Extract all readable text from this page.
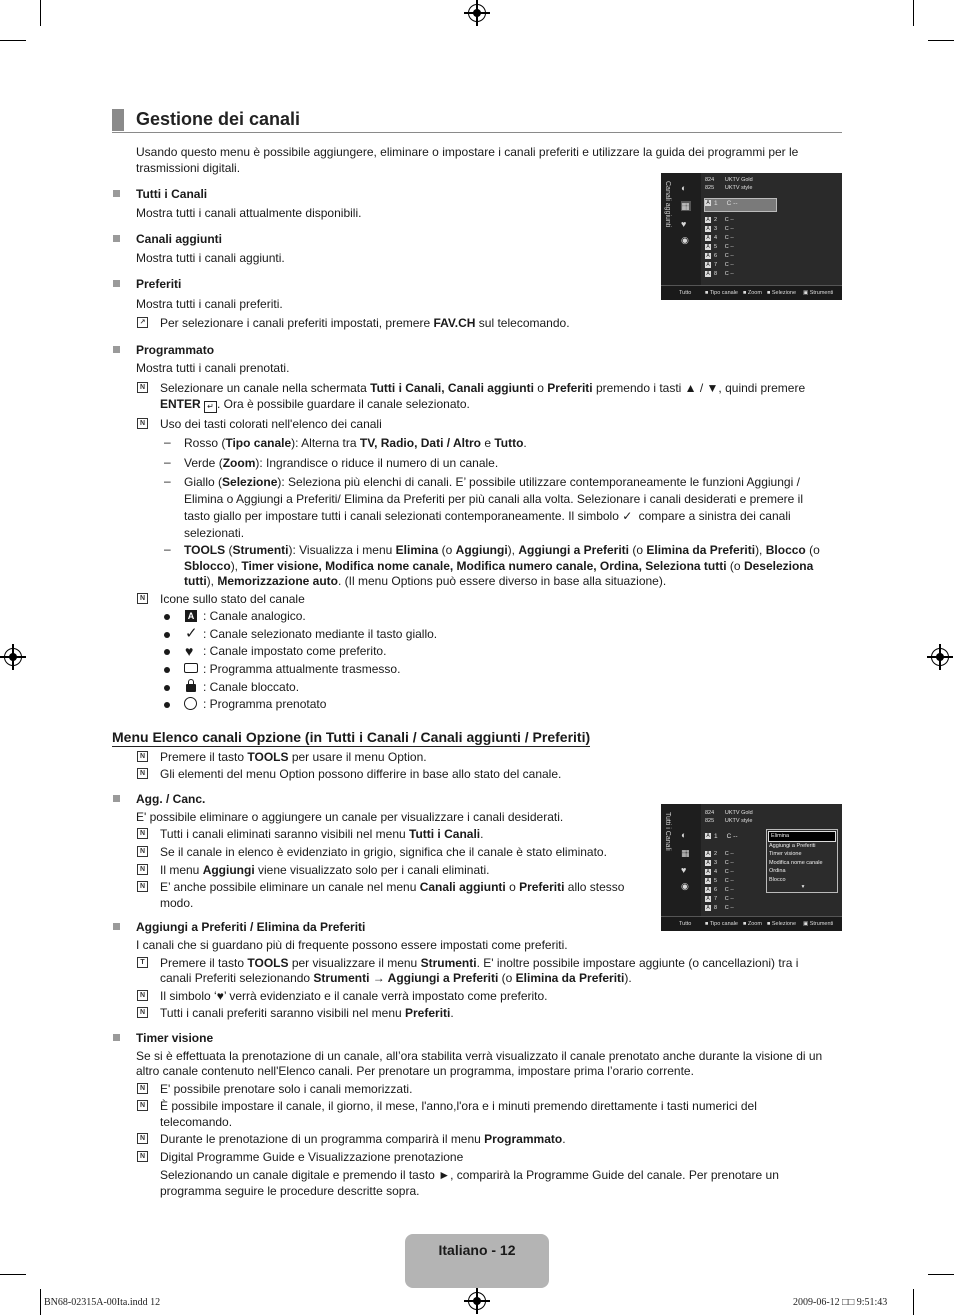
Gestione dei canali
Usando questo menu è possibile aggiungere, eliminare o impostare i canali preferiti e utilizzare la guida dei programmi per le trasmissioni digitali.
Tutti i Canali
Mostra tutti i canali attualmente disponibili.
Canali aggiunti
Mostra tutti i canali aggiunti.
Preferiti
Mostra tutti i canali preferiti.
↗ Per selezionare i canali preferiti impostati, premere FAV.CH sul telecomando.
Programmato
Mostra tutti i canali prenotati.
N Selezionare un canale nella schermata Tutti i Canali, Canali aggiunti o Preferiti premendo i tasti ▲ / ▼, quindi premere
ENTER ↵ . Ora è possibile guardare il canale selezionato.
N Uso dei tasti colorati nell'elenco dei canali
– Rosso (Tipo canale): Alterna tra TV, Radio, Dati / Altro e Tutto.
– Verde (Zoom): Ingrandisce o riduce il numero di un canale.
– Giallo (Selezione): Seleziona più elenchi di canali. E’ possibile utilizzare contemporaneamente le funzioni Aggiungi /
Elimina o Aggiungi a Preferiti/ Elimina da Preferiti per più canali alla volta. Selezionare i canali desiderati e premere il
tasto giallo per impostare tutti i canali selezionati contemporaneamente. Il simbolo ✓ compare a sinistra dei canali
selezionati.
– TOOLS (Strumenti): Visualizza i menu Elimina (o Aggiungi), Aggiungi a Preferiti (o Elimina da Preferiti), Blocco (o
Sblocco), Timer visione, Modifica nome canale, Modifica numero canale, Ordina, Seleziona tutti (o Deseleziona
tutti), Memorizzazione auto. (Il menu Options può essere diverso in base alla situazione).
N Icone sullo stato del canale
A : Canale analogico.
✓ : Canale selezionato mediante il tasto giallo.
♥ : Canale impostato come preferito.
: Programma attualmente trasmesso.
: Canale bloccato.
: Programma prenotato
Menu Elenco canali Opzione (in Tutti i Canali / Canali aggiunti / Preferiti)
N Premere il tasto TOOLS per usare il menu Option.
N Gli elementi del menu Option possono differire in base allo stato del canale.
Agg. / Canc.
E' possibile eliminare o aggiungere un canale per visualizzare i canali desiderati.
N Tutti i canali eliminati saranno visibili nel menu Tutti i Canali.
N Se il canale in elenco è evidenziato in grigio, significa che il canale è stato eliminato.
N Il menu Aggiungi viene visualizzato solo per i canali eliminati.
N E’ anche possibile eliminare un canale nel menu Canali aggiunti o Preferiti allo stesso
modo.
Aggiungi a Preferiti / Elimina da Preferiti
I canali che si guardano più di frequente possono essere impostati come preferiti.
T Premere il tasto TOOLS per visualizzare il menu Strumenti. E' inoltre possibile impostare aggiunte (o cancellazioni) tra i
canali Preferiti selezionando Strumenti → Aggiungi a Preferiti (o Elimina da Preferiti).
N Il simbolo ‘♥’ verrà evidenziato e il canale verrà impostato come preferito.
N Tutti i canali preferiti saranno visibili nel menu Preferiti.
Timer visione
Se si è effettuata la prenotazione di un canale, all’ora stabilita verrà visualizzato il canale prenotato anche durante la visione di un
altro canale contenuto nell'Elenco canali. Per prenotare un programma, impostare prima l’orario corrente.
N E' possibile prenotare solo i canali memorizzati.
N È possibile impostare il canale, il giorno, il mese, l'anno,l'ora e i minuti premendo direttamente i tasti numerici del
telecomando.
N Durante le prenotazione di un programma comparirà il menu Programmato.
N Digital Programme Guide e Visualizzazione prenotazione
Selezionando un canale digitale e premendo il tasto ►, comparirà la Programme Guide del canale. Per prenotare un
programma seguire le procedure descritte sopra.
Canali aggiunti ◐
▦
♥
◉
824 UKTV Gold
825 UKTV style
A 1 C --
A 2 C --
A 3 C --
A 4 C --
A 5 C --
A 6 C --
A 7 C --
A 8 C --
Tutto ■ Tipo canale ■ Zoom ■ Selezione ▣ Strumenti
Tutti i Canali ◐
▦
♥
◉
824 UKTV Gold
825 UKTV style
A 1 C --
A 2 C --
A 3 C --
A 4 C --
A 5 C --
A 6 C --
A 7 C --
A 8 C --
Elimina
Aggiungi a Preferiti
Timer visione
Modifica nome canale
Ordina
Blocco
▾
Tutto ■ Tipo canale ■ Zoom ■ Selezione ▣ Strumenti
Italiano - 12
BN68-02315A-00Ita.indd 12	2009-06-12 □□ 9:51:43
